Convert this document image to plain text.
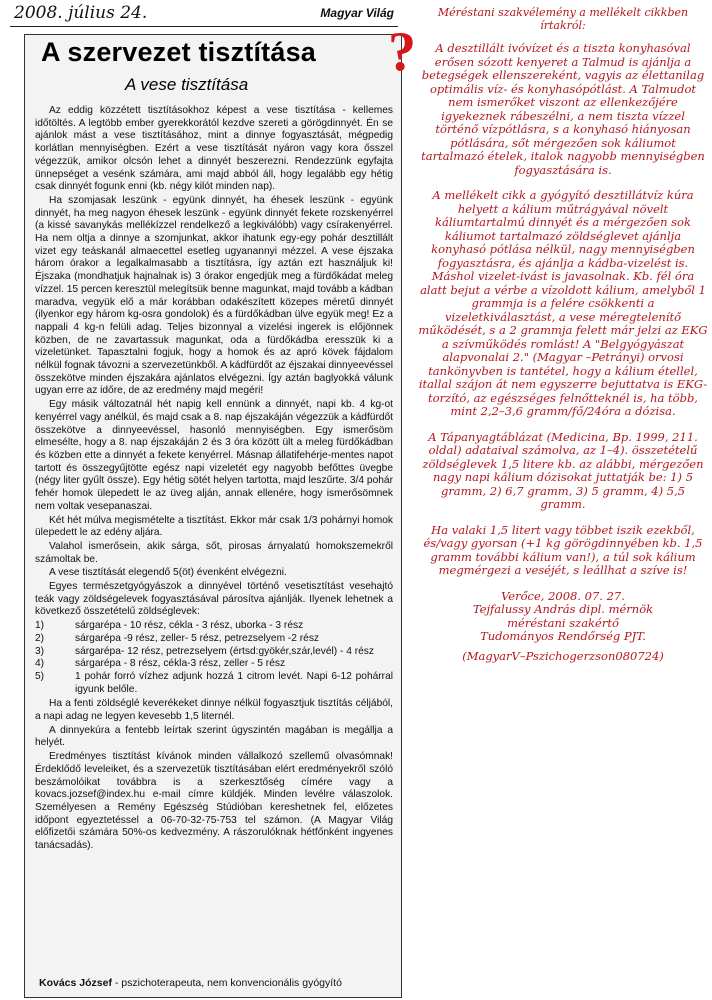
2008. július 24.	Magyar Világ
A szervezet tisztítása
A vese tisztítása

Az eddig közzétett tisztításokhoz képest a vese tisztítása - kellemes időtöltés. A legtöbb ember gyerekkorától kezdve szereti a görögdinnyét. Én se ajánlok mást a vese tisztításához, mint a dinnye fogyasztását, mégpedig korlátlan mennyiségben. Ezért a vese tisztítását nyáron vagy kora ősszel végezzük, amikor olcsón lehet a dinnyét beszerezni. Rendezzünk egyfajta ünnepséget a vesénk számára, ami majd abból áll, hogy legalább egy hétig csak dinnyét fogunk enni (kb. négy kilót minden nap).

Ha szomjasak leszünk - együnk dinnyét, ha éhesek leszünk - együnk dinnyét, ha meg nagyon éhesek leszünk - együnk dinnyét fekete rozskenyérrel (a kissé savanykás mellékízzel rendelkező a legkiválóbb) vagy csírakenyérrel. Ha nem oltja a dinnye a szomjunkat, akkor ihatunk egy-egy pohár desztillált vizet egy teáskanál almaecettel esetleg ugyanannyi mézzel. A vese éjszaka három órakor a legalkalmasabb a tisztításra, így aztán ezt használjuk ki! Éjszaka (mondhatjuk hajnalnak is) 3 órakor engedjük meg a fürdőkádat meleg vízzel. 15 percen keresztül melegítsük benne magunkat, majd tovább a kádban maradva, vegyük elő a már korábban odakészített közepes méretű dinnyét (ilyenkor egy három kg-osra gondolok) és a fürdőkádban ülve együk meg! Ez a nappali 4 kg-n felüli adag. Teljes bizonnyal a vizelési ingerek is előjönnek közben, de ne zavartassuk magunkat, oda a fürdőkádba eresszük ki a vizeletünket. Tapasztalni fogjuk, hogy a homok és az apró kövek fájdalom nélkül fognak távozni a szervezetünkből. A kádfürdőt az éjszakai dinnyeevéssel összekötve minden éjszakára ajánlatos elvégezni. Így aztán baglyokká válunk ugyan erre az időre, de az eredmény majd megéri!

Egy másik változatnál hét napig kell ennünk a dinnyét, napi kb. 4 kg-ot kenyérrel vagy anélkül, és majd csak a 8. nap éjszakáján végezzük a kádfürdőt összekötve a dinnyeevéssel, hasonló mennyiségben. Egy ismerősöm elmesélte, hogy a 8. nap éjszakáján 2 és 3 óra között ült a meleg fürdőkádban és közben ette a dinnyét a fekete kenyérrel. Másnap állatifehérje-mentes napot tartott és összegyűjtötte egész napi vizeletét egy nagyobb befőttes üvegbe (négy liter gyűlt össze). Egy hétig sötét helyen tartotta, majd leszűrte. 3/4 pohár fehér homok ülepedett le az üveg alján, annak ellenére, hogy ismerősömnek nem voltak vesepanaszai.

Két hét múlva megismételte a tisztítást. Ekkor már csak 1/3 pohárnyi homok ülepedett le az edény aljára.

Valahol ismerősein, akik sárga, sőt, pirosas árnyalatú homokszemekről számoltak be.

A vese tisztítását elegendő 5(öt) évenként elvégezni.

Egyes természetgyógyászok a dinnyével történő vesetisztítást vesehajtó teák vagy zöldségelevek fogyasztásával párosítva ajánlják. Ilyenek lehetnek a következő összetételű zöldséglevek:

1)	sárgarépa - 10 rész, cékla - 3 rész, uborka - 3 rész
2)	sárgarépa -9 rész, zeller- 5 rész, petrezselyem -2 rész
3)	sárgarépa- 12 rész, petrezselyem (értsd:gyökér,szár,levél) - 4 rész
4)	sárgarépa - 8 rész, cékla-3 rész, zeller - 5 rész
5)	1 pohár forró vízhez adjunk hozzá 1 citrom levét. Napi 6-12 pohárral igyunk belőle.

Ha a fenti zöldséglé keverékeket dinnye nélkül fogyasztjuk tisztítás céljából, a napi adag ne legyen kevesebb 1,5 liternél.

A dinnyekúra a fentebb leírtak szerint úgyszintén magában is megállja a helyét.

Eredményes tisztítást kívánok minden vállalkozó szellemű olvasómnak! Érdeklődő leveleiket, és a szervezetük tisztításában elért eredményekről szóló beszámolóikat továbbra is a szerkesztőség címére vagy a kovacs.jozsef@index.hu e-mail címre küldjék. Minden levélre válaszolok. Személyesen a Remény Egészség Stúdióban kereshetnek fel, előzetes időpont egyeztetéssel a 06-70-32-75-753 tel számon. (A Magyar Világ előfizetői számára 50%-os kedvezmény. A rászorulóknak hétfőnként ingyenes tanácsadás).

Kovács József - pszichoterapeuta, nem konvencionális gyógyító
?

Méréstani szakvélemény a mellékelt cikkben írtakról:

A desztillált ivóvízet és a tiszta konyhasóval erősen sózott kenyeret a Talmud is ajánlja a betegségek ellenszereként, vagyis az élettanilag optimális víz- és konyhasópótlást. A Talmudot nem ismerőket viszont az ellenkezőjére igyekeznek rábeszélni, a nem tiszta vízzel történő vízpótlásra, s a konyhasó hiányosan pótlására, sőt mérgezően sok káliumot tartalmazó ételek, italok nagyobb mennyiségben fogyasztására is.

A mellékelt cikk a gyógyító desztillátvíz kúra helyett a kálium műtrágyával növelt káliumtartalmú dinnyét és a mérgezően sok káliumot tartalmazó zöldséglevet ajánlja konyhasó pótlása nélkül, nagy mennyiségben fogyasztásra, és ajánlja a kádba-vizelést is. Máshol vizelet-ivást is javasolnak. Kb. fél óra alatt bejut a vérbe a vízoldott kálium, amelyből 1 grammja is a felére csökkenti a vizeletkiválasztást, a vese méregtelenítő működését, s a 2 grammja felett már jelzi az EKG a szívműködés romlást! A "Belgyógyászat alapvonalai 2." (Magyar –Petrányi) orvosi tankönyvben is tantétel, hogy a kálium étellel, itallal szájon át nem egyszerre bejuttatva is EKG-torzító, az egészséges felnőtteknél is, ha több, mint 2,2–3,6 gramm/fő/24óra a dózisa.

A Tápanyagtáblázat (Medicina, Bp. 1999, 211. oldal) adataival számolva, az 1–4). összetételű zöldséglevek 1,5 litere kb. az alábbi, mérgezően nagy napi kálium dózisokat juttatják be: 1) 5 gramm, 2) 6,7 gramm, 3) 5 gramm, 4) 5,5 gramm.

Ha valaki 1,5 litert vagy többet iszik ezekből, és/vagy gyorsan (+1 kg görögdinnyében kb. 1,5 gramm további kálium van!), a túl sok kálium megmérgezi a veséjét, s leállhat a szíve is!

Verőce, 2008. 07. 27.

Tejfalussy András dipl. mérnök

méréstani szakértő

Tudományos Rendőrség PJT.

(MagyarV–Pszichogerzson080724)
